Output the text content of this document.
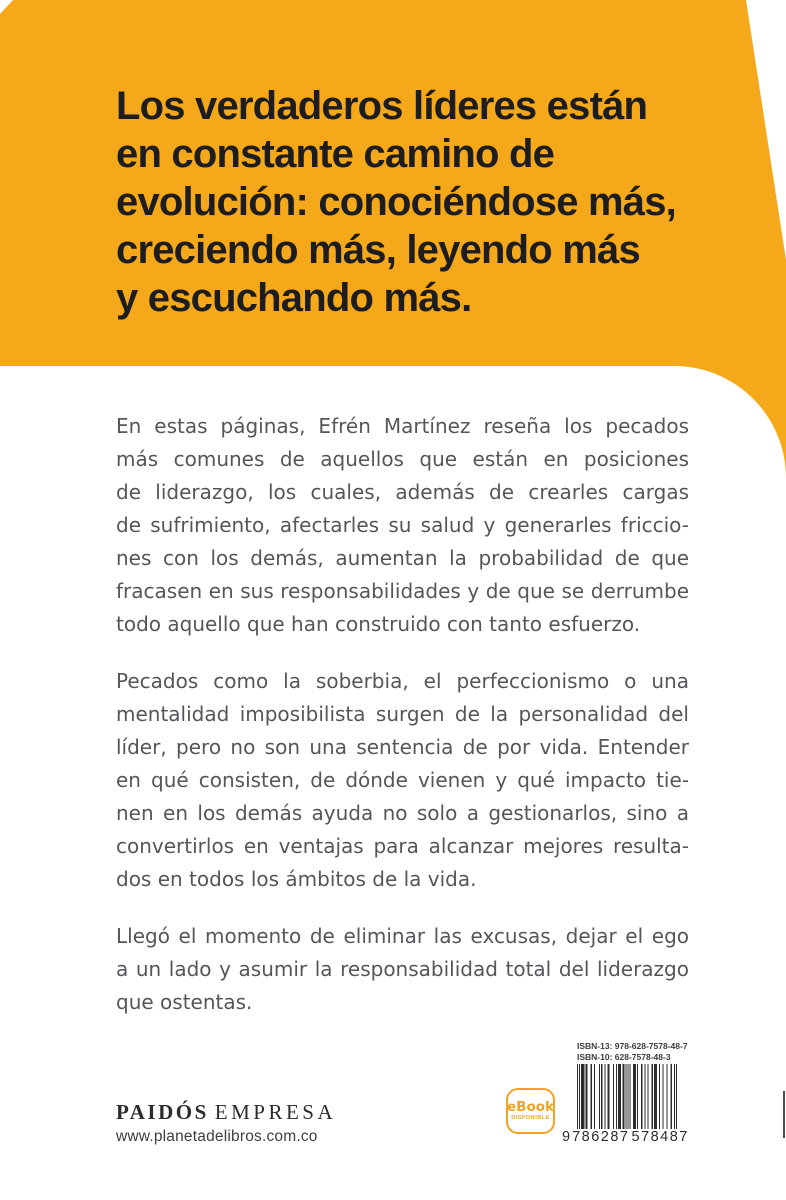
Los verdaderos líderes están
en constante camino de
evolución: conociéndose más,
creciendo más, leyendo más
y escuchando más.
En estas páginas, Efrén Martínez reseña los pecados
más comunes de aquellos que están en posiciones
de liderazgo, los cuales, además de crearles cargas
de sufrimiento, afectarles su salud y generarles friccio-
nes con los demás, aumentan la probabilidad de que
fracasen en sus responsabilidades y de que se derrumbe
todo aquello que han construido con tanto esfuerzo.
Pecados como la soberbia, el perfeccionismo o una
mentalidad imposibilista surgen de la personalidad del
líder, pero no son una sentencia de por vida. Entender
en qué consisten, de dónde vienen y qué impacto tie-
nen en los demás ayuda no solo a gestionarlos, sino a
convertirlos en ventajas para alcanzar mejores resulta-
dos en todos los ámbitos de la vida.
Llegó el momento de eliminar las excusas, dejar el ego
a un lado y asumir la responsabilidad total del liderazgo
que ostentas.
PAIDÓS EMPRESA
www.planetadelibros.com.co
eBook
DISPONIBLE
ISBN-13: 978-628-7578-48-7
ISBN-10: 628-7578-48-3
9 786287 578487
